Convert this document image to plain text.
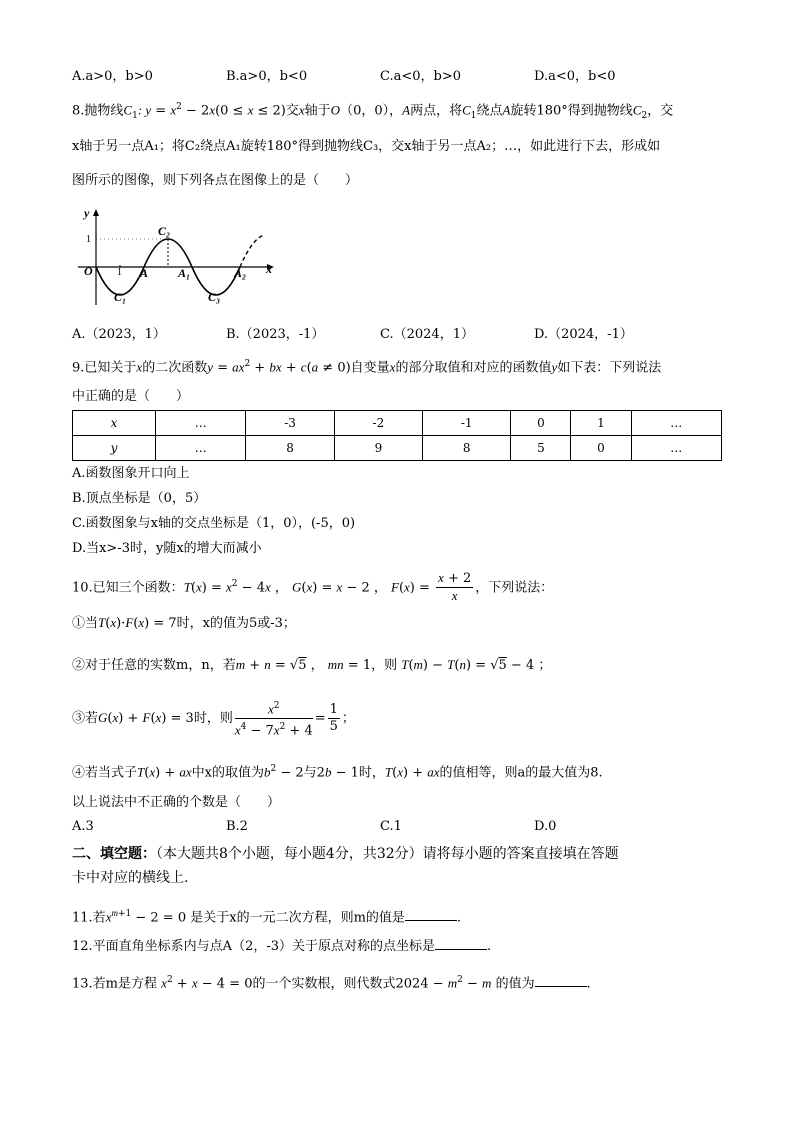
A.a>0，b>0	B.a>0，b<0	C.a<0，b>0	D.a<0，b<0
8.抛物线$C_1$: $y = x^2 - 2x(0 \le x \le 2)$交x轴于O（0，0），A两点，将$C_1$绕点A旋转180°得到抛物线$C_2$，交
x轴于另一点A₁；将C₂绕点A₁旋转180°得到抛物线C₃，交x轴于另一点A₂；…，如此进行下去，形成如
图所示的图像，则下列各点在图像上的是（　　）
y
1
O 1 A A₁	A₂ x
C₁
C₂
C₃
A.（2023，1）	B.（2023，-1）	C.（2024，1）	D.（2024，-1）
9.已知关于x的二次函数$y = ax^2$ + bx + c(a ≠ 0)自变量x的部分取值和对应的函数值y如下表：下列说法
中正确的是（　　）
x	…	-3	-2	-1	0	1	…
y	…	8	9	8	5	0	…
A.函数图象开口向上
B.顶点坐标是（0，5）
C.函数图象与x轴的交点坐标是（1，0），(-5，0)
D.当x>-3时，y随x的增大而减小
10.已知三个函数：$T(x) = x^2 - 4x$ ， G(x) = x − 2 ， $F(x) = \frac{x + 2}{x}$ ，下列说法：
①当T(x)·F(x) = 7时，x的值为5或-3；
②对于任意的实数m，n，若m + n = √5 ， mn = 1，则 T(m) − T(n) = √5 − 4 ；
③若G(x) + F(x) = 3时，则 $\frac{x^2}{x^4 - 7x^2 + 4} = \frac{1}{5}$ ；
④若当式子T(x) + ax中x的取值为$b^2 - 2$与2b − 1时，T(x) + ax的值相等，则a的最大值为8.
以上说法中不正确的个数是（　　）
A.3	B.2	C.1	D.0
二、填空题：（本大题共8个小题，每小题4分，共32分）请将每小题的答案直接填在答题
卡中对应的横线上.
11.若$x^{m+1} - 2 = 0$ 是关于x的一元二次方程，则m的值是	.
12.平面直角坐标系内与点A（2，-3）关于原点对称的点坐标是	.
13.若m是方程 $x^2 + x - 4 = 0$的一个实数根，则代数式$2024 - m^2 - m$ 的值为	.
